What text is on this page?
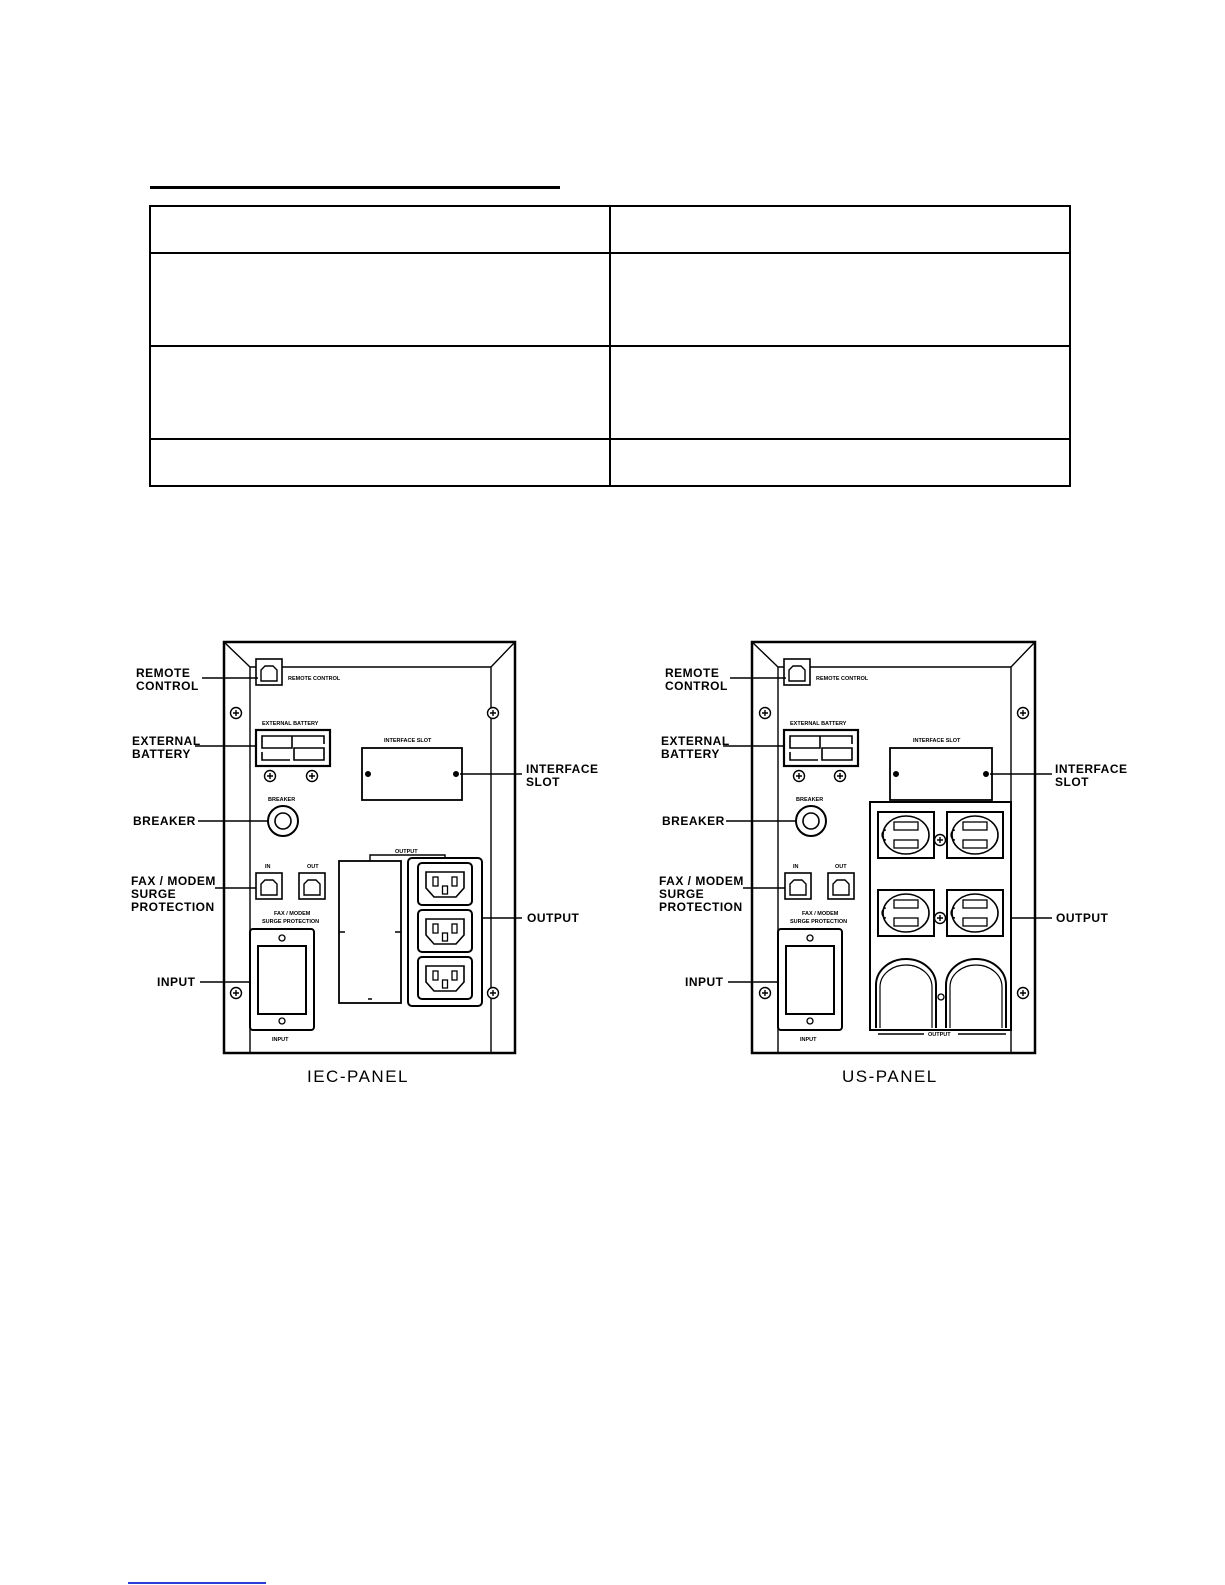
REMOTE CONTROL
EXTERNAL BATTERY
INTERFACE SLOT
BREAKER
IN	OUT
FAX / MODEM
SURGE PROTECTION
INPUT
OUTPUT
REMOTE
CONTROL
EXTERNAL
BATTERY
BREAKER
FAX / MODEM
SURGE
PROTECTION
INPUT
INTERFACE
SLOT
OUTPUT
IEC-PANEL
REMOTE CONTROL
EXTERNAL BATTERY
INTERFACE SLOT
BREAKER
IN	OUT
FAX / MODEM
SURGE PROTECTION
INPUT
OUTPUT
REMOTE
CONTROL
EXTERNAL
BATTERY
BREAKER
FAX / MODEM
SURGE
PROTECTION
INPUT
INTERFACE
SLOT
OUTPUT
US-PANEL
